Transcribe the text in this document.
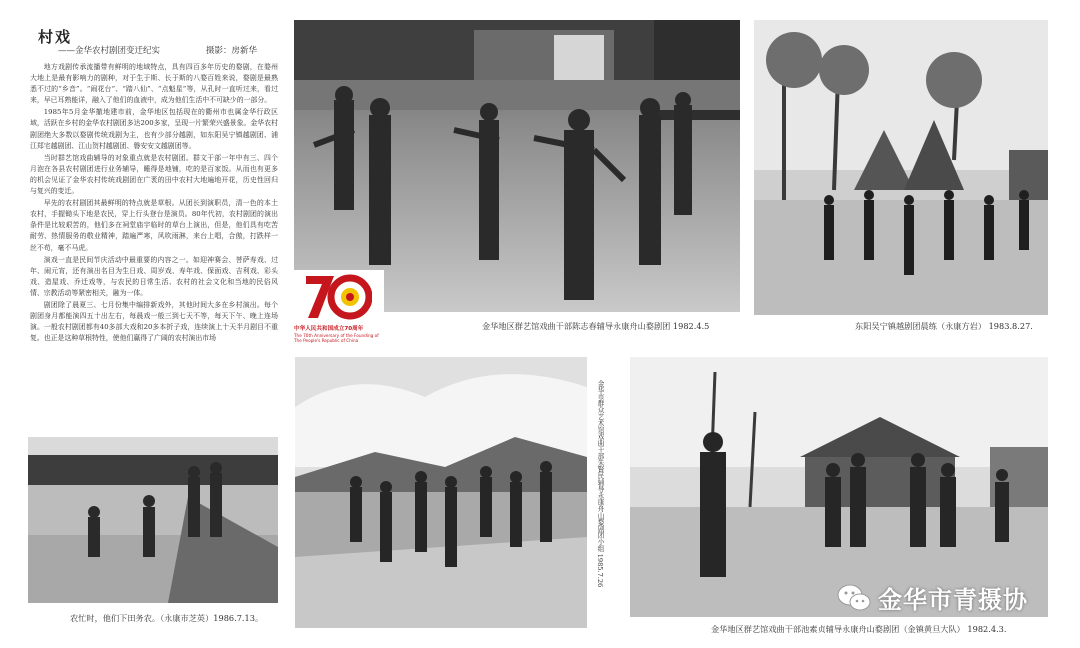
村戏
——金华农村剧团变迁纪实	摄影：房新华

地方戏剧传承流播带有鲜明的地域特点，具有四百多年历史的婺剧，在婺州大地上是最有影响力的剧种，对于生于斯、长于斯的八婺百姓来说，婺剧是最熟悉不过的“乡音”。“闹花台”、“踏八仙”、“点魁星”等，从孔时一直听过来，看过来，早已耳熟能详，融入了他们的血液中，成为他们生活中不可缺少的一部分。

1985年5月金华撤地建市前，金华地区包括现在的衢州市也属金华行政区域，活跃在乡村的金华农村剧团多达200多家，呈现一片繁荣兴盛景象。金华农村剧团绝大多数以婺剧传统戏剧为主，也有少部分越剧，如东阳吴宁镇越剧团、浦江郑宅越剧团、江山贺村越剧团、磐安安文越剧团等。

当时群艺馆戏曲辅导的对象重点就是农村剧团。群文干部一年中有三、四个月泡在各县农村剧团进行业务辅导，睡得是地铺，吃的是百家饭。从而也有更多的机会见证了金华农村传统戏剧团在广袤的田中农村大地遍地开花，历史性回归与复兴的变迁。

早先的农村剧团其最鲜明的特点就是草根。从团长到演职员，清一色的本土农村，手握锄头下地是农民，穿上行头登台是演员。80年代初，农村剧团的演出条件是比较艰苦的，他们多在祠堂庙宇临时的草台上演出，但是，他们具有吃苦耐劳、热情服务的敬业精神，踏遍严寒，风吹雨淋，来台上唱，合傲，打跌样一丝不苟，毫不马虎。

演戏一直是民间节庆活动中最重要的内容之一。如迎神赛会、菩萨寿戏、过年、闹元宵，还有演出名目为生日戏、周岁戏、寿年戏、保面戏、吉利戏、彩头戏、造屋戏、乔迁戏等，与农民的日常生活、农村的社会文化和当地的民俗风情、宗教活动等紧密相关，融为一体。

剧团除了晨夏三、七月份集中编排新戏外，其他时间大多在乡村演出。每个剧团身月都能演四五十出左右，每晨戏一般三到七天不等，每天下午、晚上连场演。一般农村剧团都有40多部大戏和20多本折子戏，连续演上十天半月剧目不重复。也正是这种草根特性，使他们赢得了广阔的农村演出市场

中华人民共和国成立70周年
The 70th Anniversary of the Founding of
The People's Republic of China
金华地区群艺馆戏曲干部陈志春辅导永康舟山婺剧团 1982.4.5	东阳吴宁镇越剧团晨练（永康方岩） 1983.8.27.
农忙时，他们下田务农。（永康市芝英）1986.7.13。
金华市群众艺术馆戏曲干部朱賢民辅导永康舟山婺剧团小组 1985.7.26
金华地区群艺馆戏曲干部池素贞辅导永康舟山婺剧团（金镇黄旦大队） 1982.4.3.
金华市青摄协
